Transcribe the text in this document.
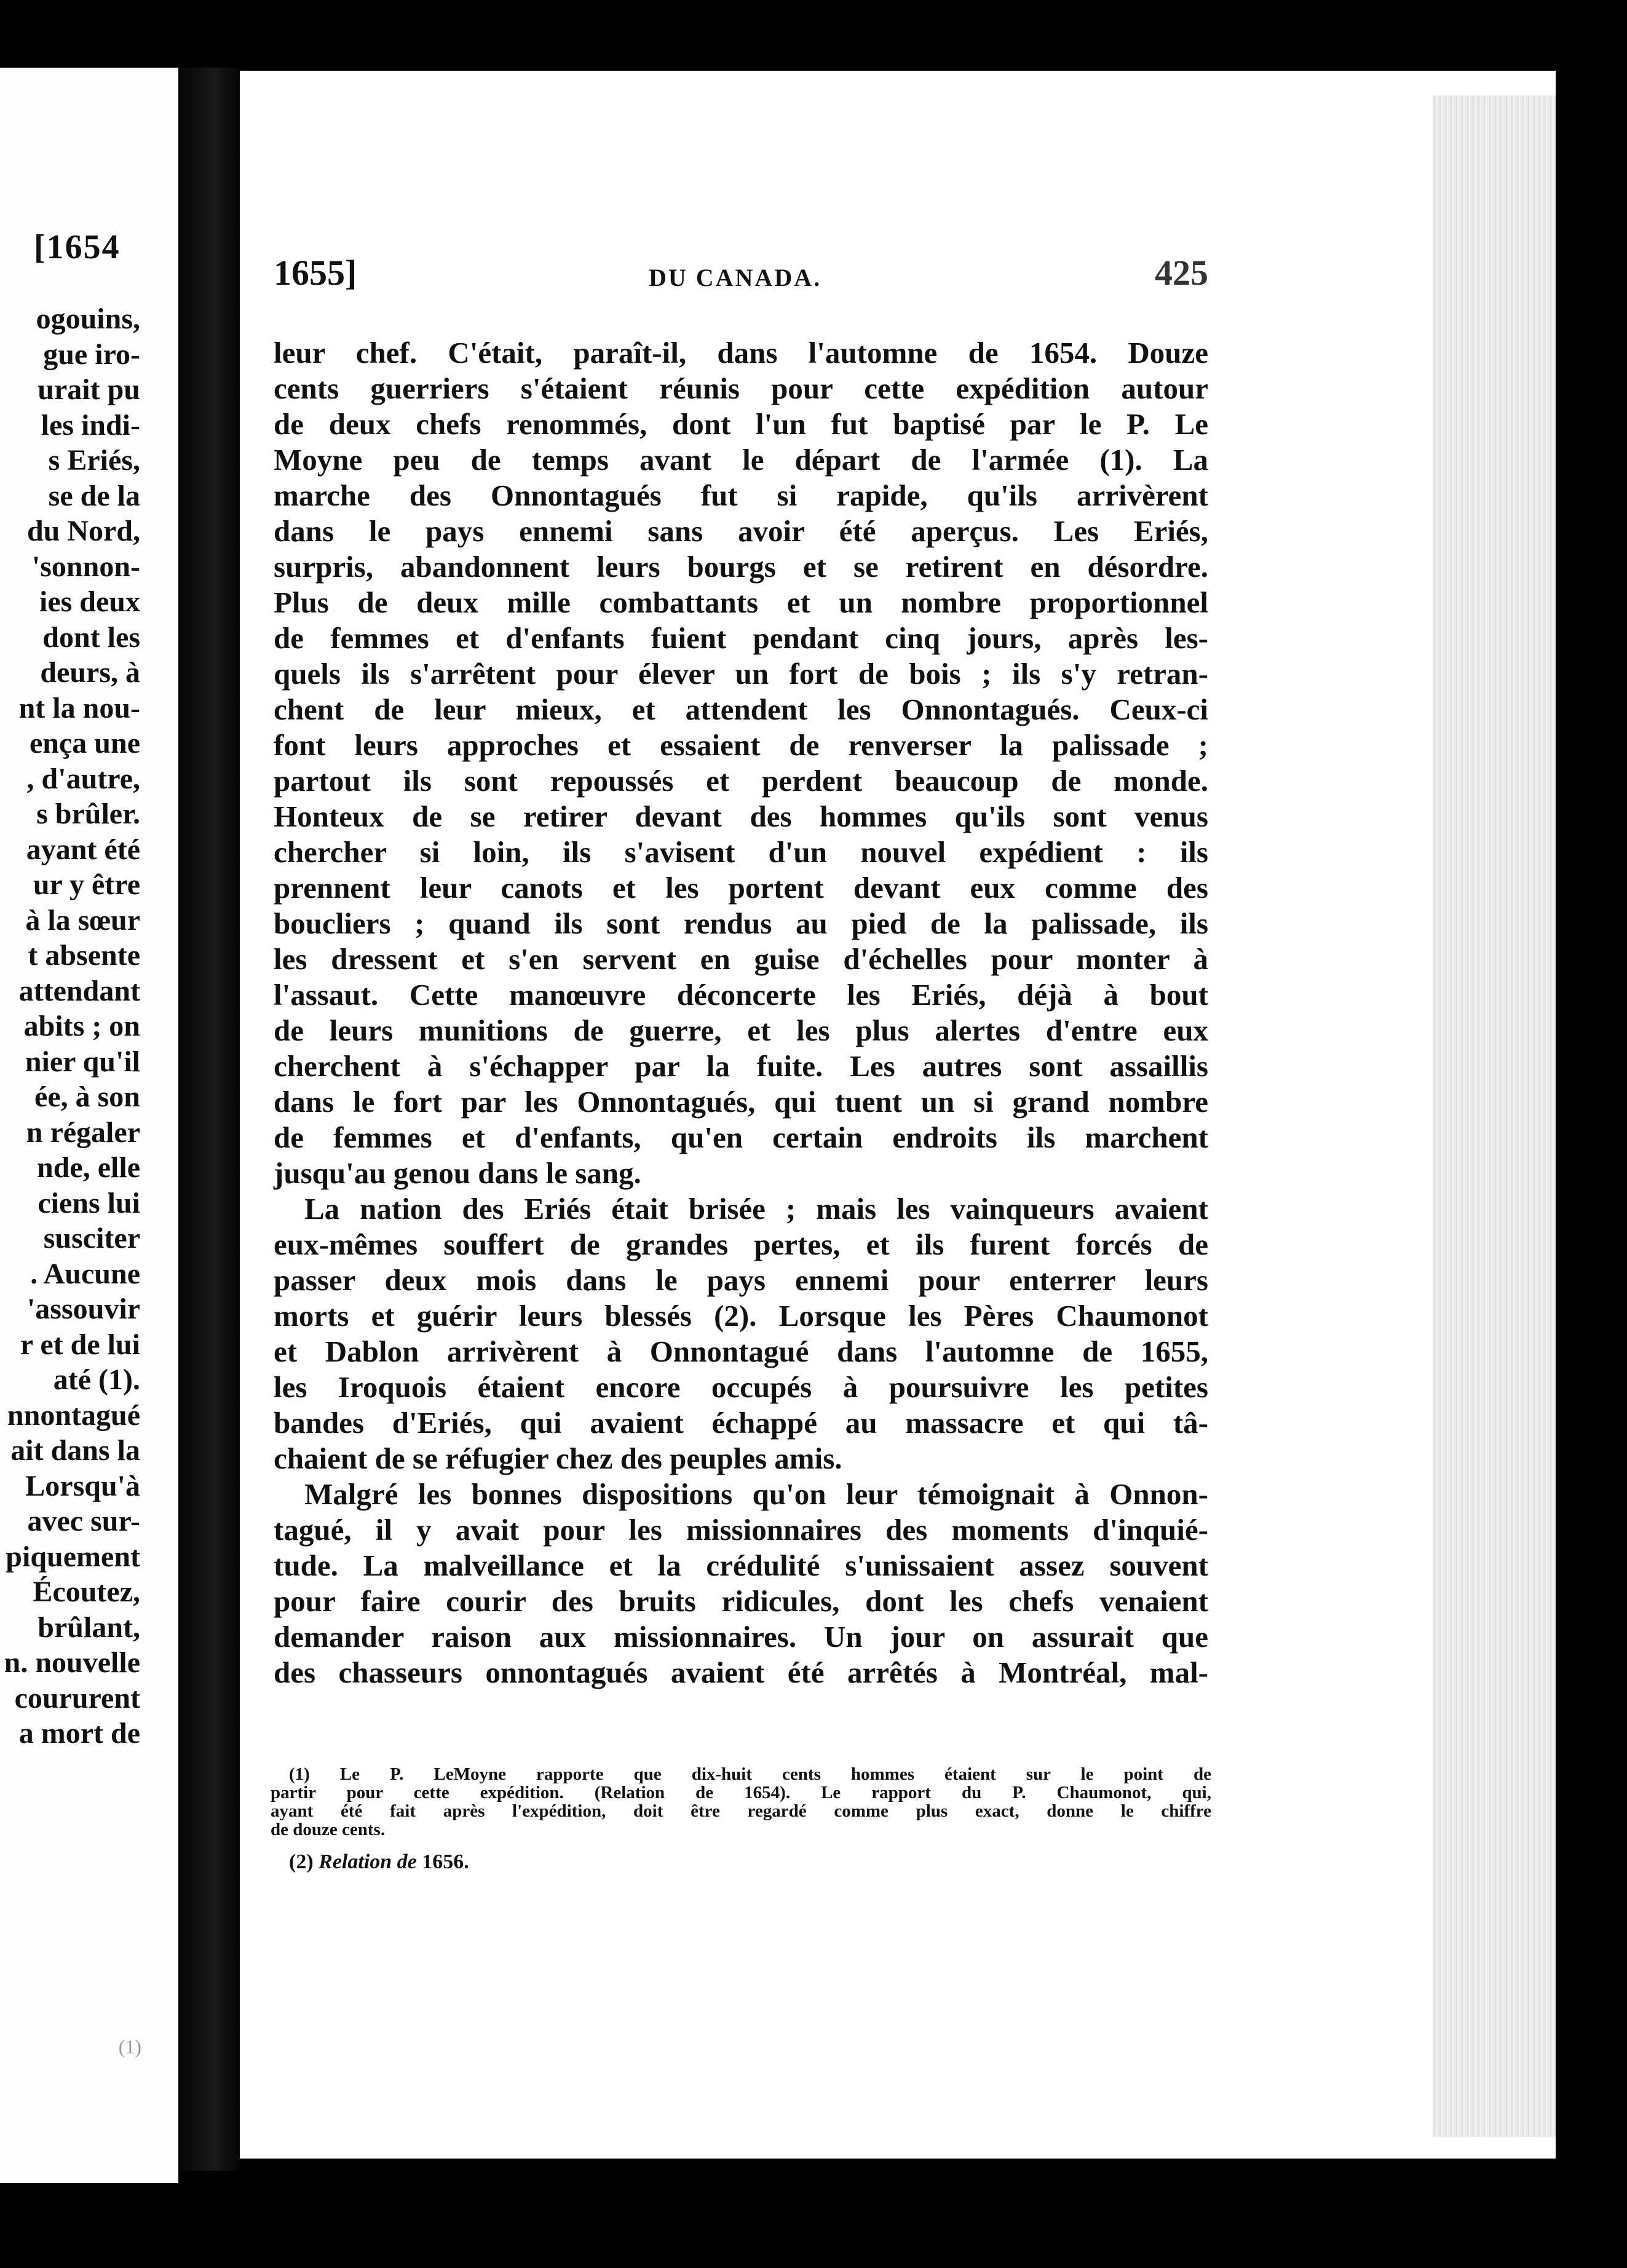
[1654
ogouins,
gue iro-
urait pu
les indi-
s Eriés,
se de la
du Nord,
'sonnon-
ies deux
dont les
deurs, à
nt la nou-
ença une
, d'autre,
s brûler.
ayant été
ur y être
à la sœur
t absente
attendant
abits ; on
nier qu'il
ée, à son
n régaler
nde, elle
ciens lui
susciter
. Aucune
'assouvir
r et de lui
até (1).
nnontagué
ait dans la
Lorsqu'à
avec sur-
piquement
Écoutez,
brûlant,
n. nouvelle
coururent
a mort de
(1)
1655]	DU CANADA.	425
leur chef. C'était, paraît-il, dans l'automne de 1654. Douze
cents guerriers s'étaient réunis pour cette expédition autour
de deux chefs renommés, dont l'un fut baptisé par le P. Le
Moyne peu de temps avant le départ de l'armée (1). La
marche des Onnontagués fut si rapide, qu'ils arrivèrent
dans le pays ennemi sans avoir été aperçus. Les Eriés,
surpris, abandonnent leurs bourgs et se retirent en désordre.
Plus de deux mille combattants et un nombre proportionnel
de femmes et d'enfants fuient pendant cinq jours, après les-
quels ils s'arrêtent pour élever un fort de bois ; ils s'y retran-
chent de leur mieux, et attendent les Onnontagués. Ceux-ci
font leurs approches et essaient de renverser la palissade ;
partout ils sont repoussés et perdent beaucoup de monde.
Honteux de se retirer devant des hommes qu'ils sont venus
chercher si loin, ils s'avisent d'un nouvel expédient : ils
prennent leur canots et les portent devant eux comme des
boucliers ; quand ils sont rendus au pied de la palissade, ils
les dressent et s'en servent en guise d'échelles pour monter à
l'assaut. Cette manœuvre déconcerte les Eriés, déjà à bout
de leurs munitions de guerre, et les plus alertes d'entre eux
cherchent à s'échapper par la fuite. Les autres sont assaillis
dans le fort par les Onnontagués, qui tuent un si grand nombre
de femmes et d'enfants, qu'en certain endroits ils marchent
jusqu'au genou dans le sang.
La nation des Eriés était brisée ; mais les vainqueurs avaient
eux-mêmes souffert de grandes pertes, et ils furent forcés de
passer deux mois dans le pays ennemi pour enterrer leurs
morts et guérir leurs blessés (2). Lorsque les Pères Chaumonot
et Dablon arrivèrent à Onnontagué dans l'automne de 1655,
les Iroquois étaient encore occupés à poursuivre les petites
bandes d'Eriés, qui avaient échappé au massacre et qui tâ-
chaient de se réfugier chez des peuples amis.
Malgré les bonnes dispositions qu'on leur témoignait à Onnon-
tagué, il y avait pour les missionnaires des moments d'inquié-
tude. La malveillance et la crédulité s'unissaient assez souvent
pour faire courir des bruits ridicules, dont les chefs venaient
demander raison aux missionnaires. Un jour on assurait que
des chasseurs onnontagués avaient été arrêtés à Montréal, mal-
(1) Le P. LeMoyne rapporte que dix-huit cents hommes étaient sur le point de
partir pour cette expédition. (Relation de 1654). Le rapport du P. Chaumonot, qui,
ayant été fait après l'expédition, doit être regardé comme plus exact, donne le chiffre
de douze cents.
(2) Relation de 1656.
